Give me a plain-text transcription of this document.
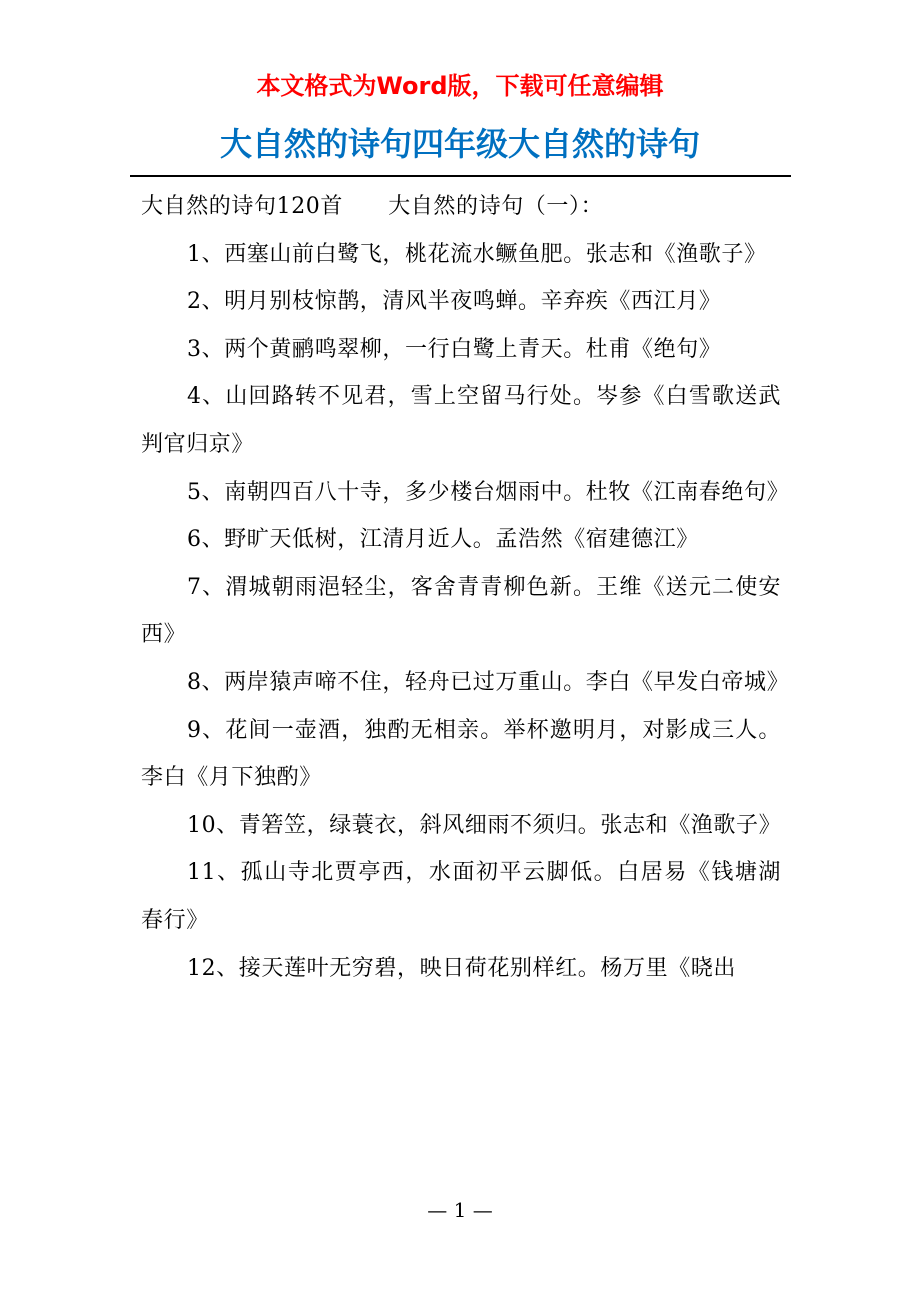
本文格式为Word版，下载可任意编辑
大自然的诗句四年级大自然的诗句

大自然的诗句120首　　大自然的诗句（一）：

1、西塞山前白鹭飞，桃花流水鳜鱼肥。张志和《渔歌子》

2、明月别枝惊鹊，清风半夜鸣蝉。辛弃疾《西江月》

3、两个黄鹂鸣翠柳，一行白鹭上青天。杜甫《绝句》

4、山回路转不见君，雪上空留马行处。岑参《白雪歌送武判官归京》

5、南朝四百八十寺，多少楼台烟雨中。杜牧《江南春绝句》

6、野旷天低树，江清月近人。孟浩然《宿建德江》

7、渭城朝雨浥轻尘，客舍青青柳色新。王维《送元二使安西》

8、两岸猿声啼不住，轻舟已过万重山。李白《早发白帝城》

9、花间一壶酒，独酌无相亲。举杯邀明月，对影成三人。李白《月下独酌》

10、青箬笠，绿蓑衣，斜风细雨不须归。张志和《渔歌子》

11、孤山寺北贾亭西，水面初平云脚低。白居易《钱塘湖春行》

12、接天莲叶无穷碧，映日荷花别样红。杨万里《晓出

— 1 —
